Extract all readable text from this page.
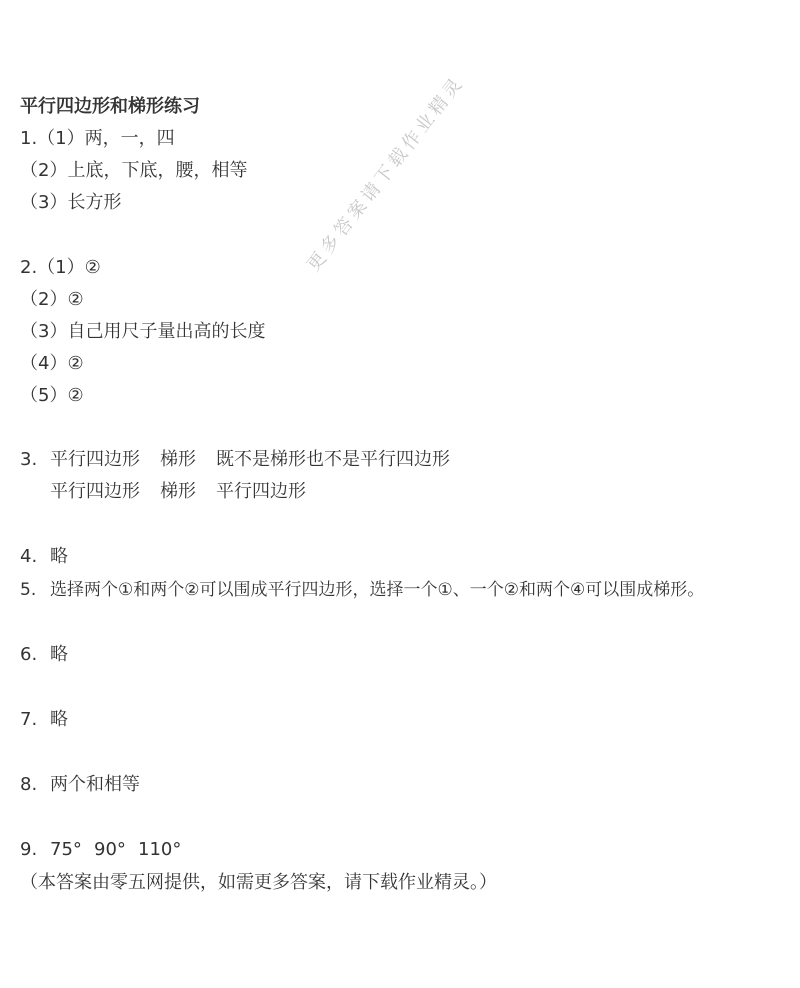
更多答案请下载作业精灵
平行四边形和梯形练习
1.（1）两，一，四
（2）上底，下底，腰，相等
（3）长方形
2.（1）②
（2）②
（3）自己用尺子量出高的长度
（4）②
（5）②
3. 平行四边形 梯形 既不是梯形也不是平行四边形
平行四边形 梯形 平行四边形
4. 略
5. 选择两个①和两个②可以围成平行四边形，选择一个①、一个②和两个④可以围成梯形。
6. 略
7. 略
8. 两个和相等
9. 75° 90° 110°
（本答案由零五网提供，如需更多答案，请下载作业精灵。）
